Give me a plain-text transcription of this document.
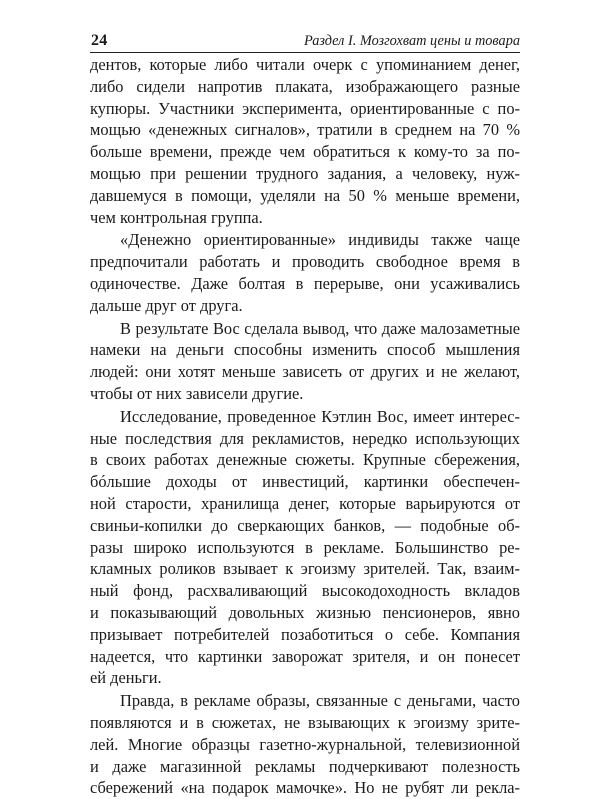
24	Раздел I. Мозгохват цены и товара
дентов, которые либо читали очерк с упоминанием денег,
либо сидели напротив плаката, изображающего разные
купюры. Участники эксперимента, ориентированные с по-
мощью «денежных сигналов», тратили в среднем на 70 %
больше времени, прежде чем обратиться к кому-то за по-
мощью при решении трудного задания, а человеку, нуж-
давшемуся в помощи, уделяли на 50 % меньше времени,
чем контрольная группа.
«Денежно ориентированные» индивиды также чаще
предпочитали работать и проводить свободное время в
одиночестве. Даже болтая в перерыве, они усаживались
дальше друг от друга.
В результате Вос сделала вывод, что даже малозаметные
намеки на деньги способны изменить способ мышления
людей: они хотят меньше зависеть от других и не желают,
чтобы от них зависели другие.
Исследование, проведенное Кэтлин Вос, имеет интерес-
ные последствия для рекламистов, нередко использующих
в своих работах денежные сюжеты. Крупные сбережения,
бóльшие доходы от инвестиций, картинки обеспечен-
ной старости, хранилища денег, которые варьируются от
свиньи-копилки до сверкающих банков, — подобные об-
разы широко используются в рекламе. Большинство ре-
кламных роликов взывает к эгоизму зрителей. Так, взаим-
ный фонд, расхваливающий высокодоходность вкладов
и показывающий довольных жизнью пенсионеров, явно
призывает потребителей позаботиться о себе. Компания
надеется, что картинки заворожат зрителя, и он понесет
ей деньги.
Правда, в рекламе образы, связанные с деньгами, часто
появляются и в сюжетах, не взывающих к эгоизму зрите-
лей. Многие образцы газетно-журнальной, телевизионной
и даже магазинной рекламы подчеркивают полезность
сбережений «на подарок мамочке». Но не рубят ли рекла-
